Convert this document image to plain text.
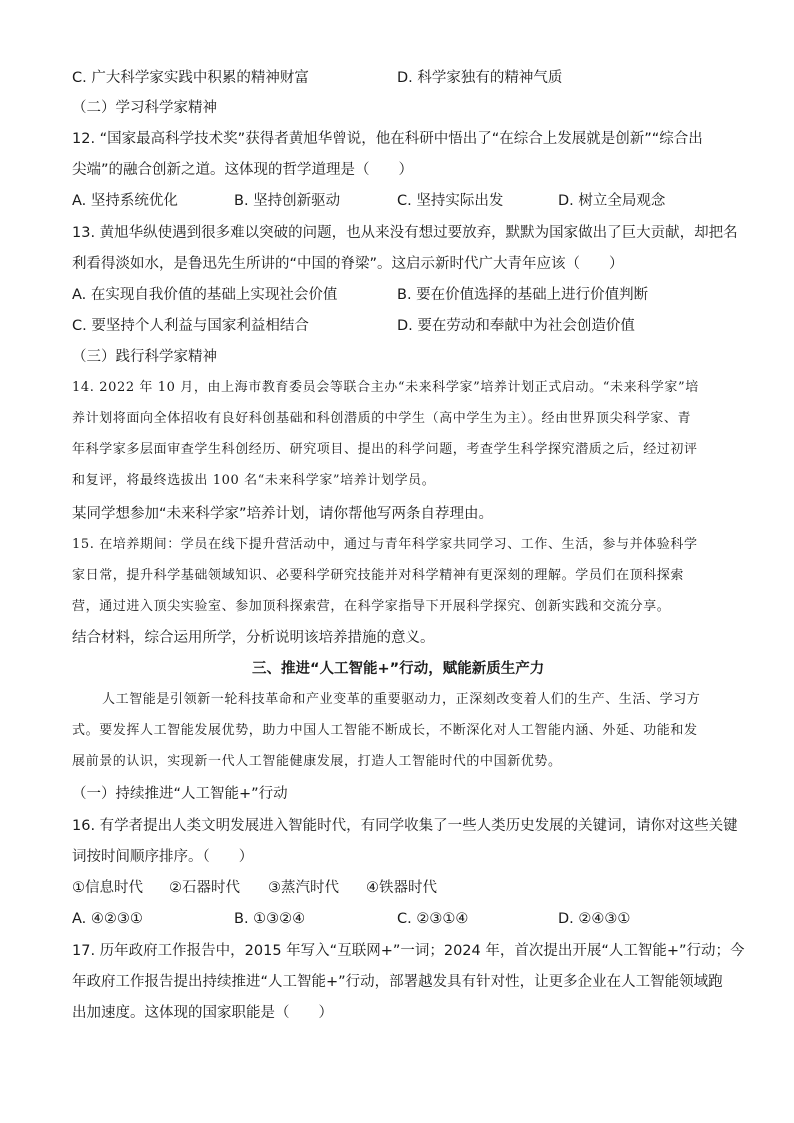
C. 广大科学家实践中积累的精神财富	D. 科学家独有的精神气质
（二）学习科学家精神
12. “国家最高科学技术奖”获得者黄旭华曾说，他在科研中悟出了“在综合上发展就是创新”“综合出
尖端”的融合创新之道。这体现的哲学道理是（　　）
A. 坚持系统优化	B. 坚持创新驱动	C. 坚持实际出发	D. 树立全局观念
13. 黄旭华纵使遇到很多难以突破的问题，也从来没有想过要放弃，默默为国家做出了巨大贡献，却把名
利看得淡如水，是鲁迅先生所讲的“中国的脊梁”。这启示新时代广大青年应该（　　）
A. 在实现自我价值的基础上实现社会价值	B. 要在价值选择的基础上进行价值判断
C. 要坚持个人利益与国家利益相结合	D. 要在劳动和奉献中为社会创造价值
（三）践行科学家精神
14. 2022 年 10 月，由上海市教育委员会等联合主办“未来科学家”培养计划正式启动。“未来科学家”培
养计划将面向全体招收有良好科创基础和科创潜质的中学生（高中学生为主）。经由世界顶尖科学家、青
年科学家多层面审查学生科创经历、研究项目、提出的科学问题，考查学生科学探究潜质之后，经过初评
和复评，将最终选拔出 100 名“未来科学家”培养计划学员。
某同学想参加“未来科学家”培养计划，请你帮他写两条自荐理由。
15. 在培养期间：学员在线下提升营活动中，通过与青年科学家共同学习、工作、生活，参与并体验科学
家日常，提升科学基础领域知识、必要科学研究技能并对科学精神有更深刻的理解。学员们在顶科探索
营，通过进入顶尖实验室、参加顶科探索营，在科学家指导下开展科学探究、创新实践和交流分享。
结合材料，综合运用所学，分析说明该培养措施的意义。
三、推进“人工智能+”行动，赋能新质生产力
人工智能是引领新一轮科技革命和产业变革的重要驱动力，正深刻改变着人们的生产、生活、学习方
式。要发挥人工智能发展优势，助力中国人工智能不断成长，不断深化对人工智能内涵、外延、功能和发
展前景的认识，实现新一代人工智能健康发展，打造人工智能时代的中国新优势。
（一）持续推进“人工智能+”行动
16. 有学者提出人类文明发展进入智能时代，有同学收集了一些人类历史发展的关键词，请你对这些关键
词按时间顺序排序。（　　）
①信息时代 ②石器时代 ③蒸汽时代 ④铁器时代
A. ④②③①	B. ①③②④	C. ②③①④	D. ②④③①
17. 历年政府工作报告中，2015 年写入“互联网+”一词；2024 年，首次提出开展“人工智能+”行动；今
年政府工作报告提出持续推进“人工智能+”行动，部署越发具有针对性，让更多企业在人工智能领域跑
出加速度。这体现的国家职能是（　　）
